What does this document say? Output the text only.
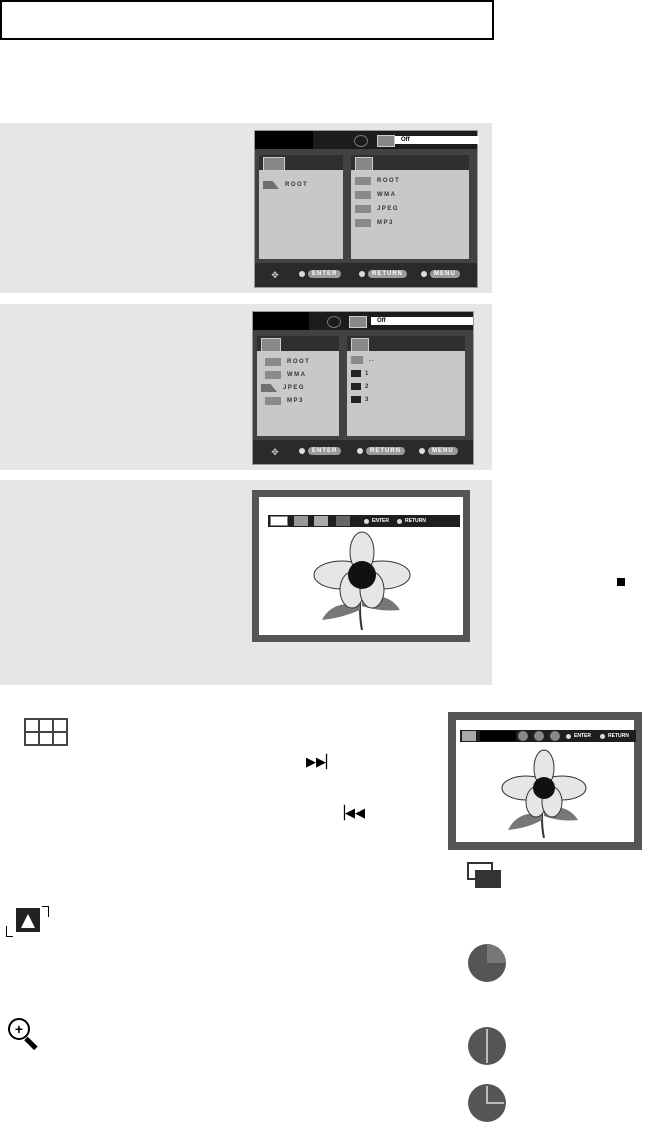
Off
ROOT
ROOT
WMA
JPEG
MP3
✥	ENTER	RETURN	MENU
Off
ROOT
WMA
JPEG
MP3
..
1
2
3
✥	ENTER	RETURN	MENU
ENTER	RETURN
▶▶▏
▕◀◀
+
ENTER	RETURN
